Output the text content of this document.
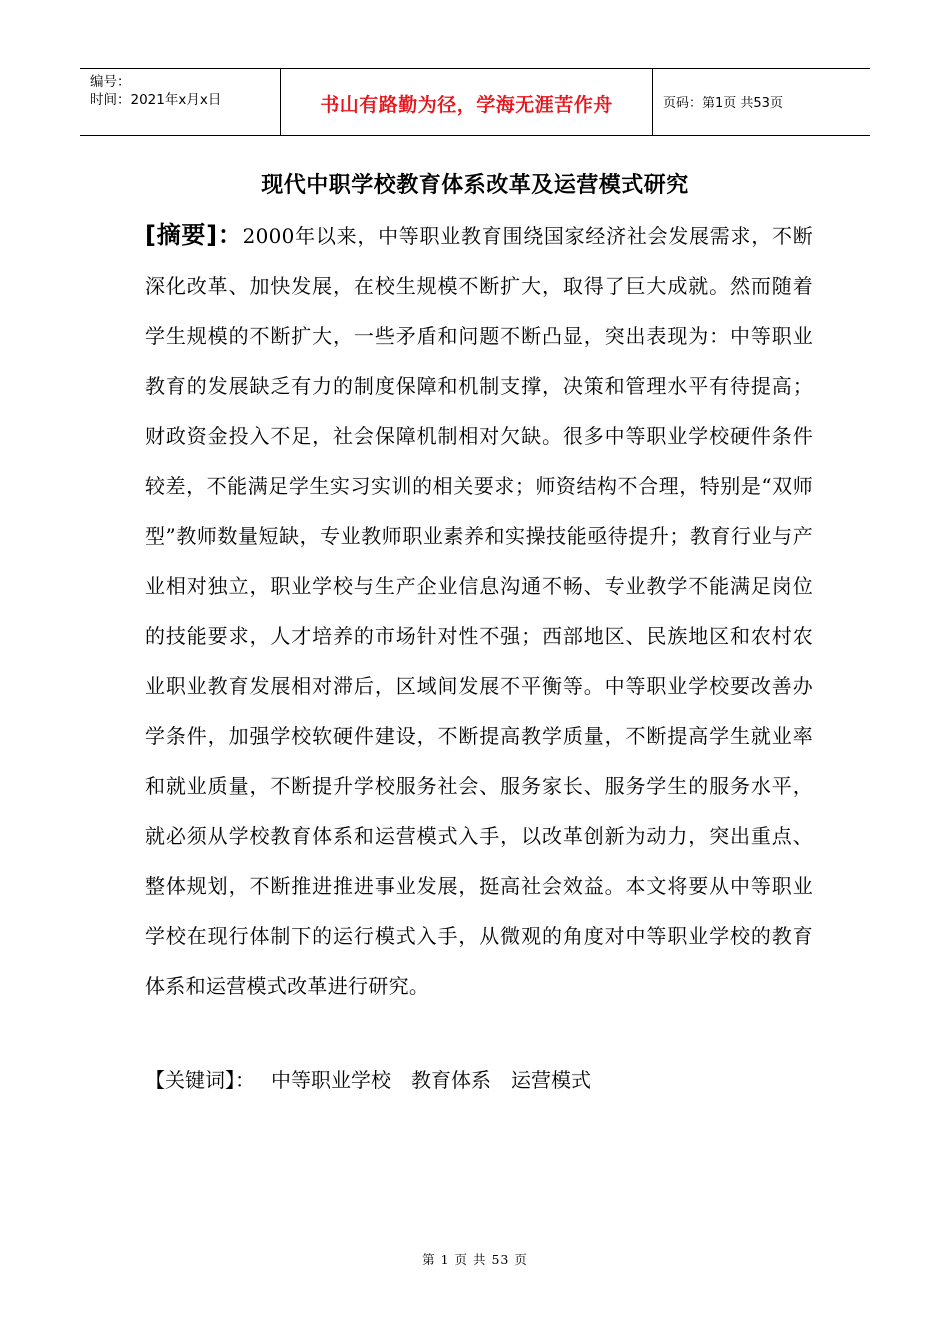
编号：
时间：2021年x月x日	书山有路勤为径，学海无涯苦作舟	页码：第1页 共53页
现代中职学校教育体系改革及运营模式研究

[摘要]：2000年以来，中等职业教育围绕国家经济社会发展需求，不断深化改革、加快发展，在校生规模不断扩大，取得了巨大成就。然而随着学生规模的不断扩大，一些矛盾和问题不断凸显，突出表现为：中等职业教育的发展缺乏有力的制度保障和机制支撑，决策和管理水平有待提高；财政资金投入不足，社会保障机制相对欠缺。很多中等职业学校硬件条件较差，不能满足学生实习实训的相关要求；师资结构不合理，特别是“双师型”教师数量短缺，专业教师职业素养和实操技能亟待提升；教育行业与产业相对独立，职业学校与生产企业信息沟通不畅、专业教学不能满足岗位的技能要求，人才培养的市场针对性不强；西部地区、民族地区和农村农业职业教育发展相对滞后，区域间发展不平衡等。中等职业学校要改善办学条件，加强学校软硬件建设，不断提高教学质量，不断提高学生就业率和就业质量，不断提升学校服务社会、服务家长、服务学生的服务水平，就必须从学校教育体系和运营模式入手，以改革创新为动力，突出重点、整体规划，不断推进推进事业发展，挺高社会效益。本文将要从中等职业学校在现行体制下的运行模式入手，从微观的角度对中等职业学校的教育体系和运营模式改革进行研究。

【关键词】： 中等职业学校 教育体系 运营模式
第 1 页 共 53 页
